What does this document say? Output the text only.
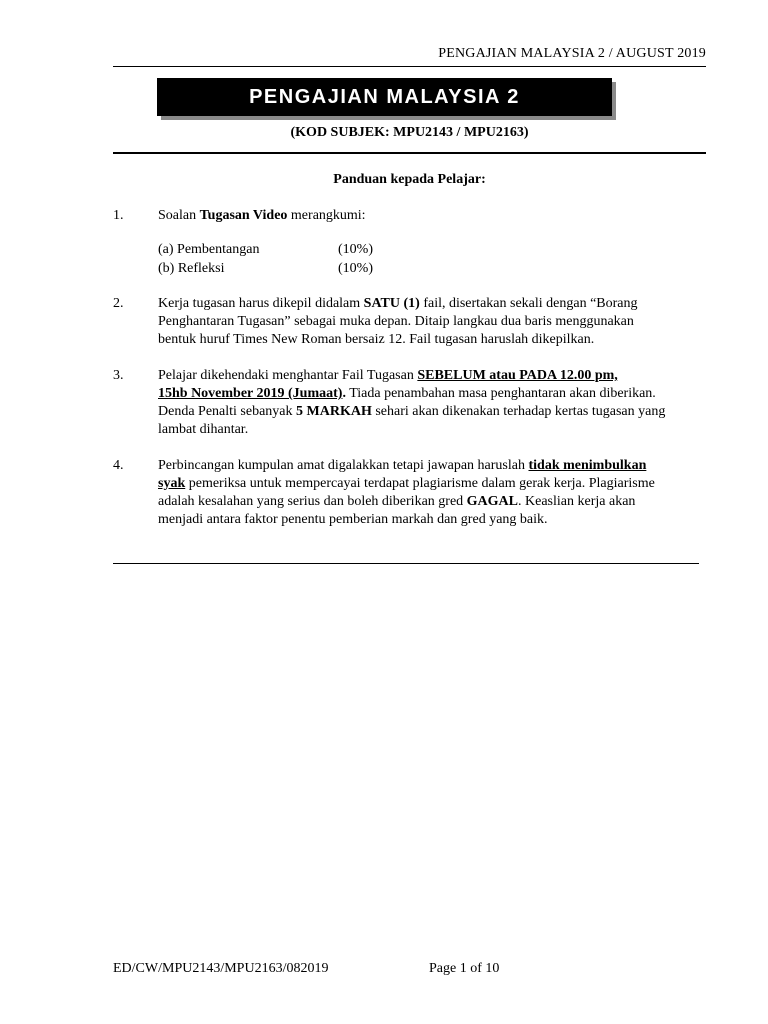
PENGAJIAN MALAYSIA 2 / AUGUST 2019
PENGAJIAN MALAYSIA 2
(KOD SUBJEK: MPU2143 / MPU2163)
Panduan kepada Pelajar:
1.	Soalan Tugasan Video merangkumi:
(a) Pembentangan	(10%)
(b) Refleksi	(10%)
2.	Kerja tugasan harus dikepil didalam SATU (1) fail, disertakan sekali dengan “Borang
Penghantaran Tugasan” sebagai muka depan. Ditaip langkau dua baris menggunakan
bentuk huruf Times New Roman bersaiz 12. Fail tugasan haruslah dikepilkan.
3.	Pelajar dikehendaki menghantar Fail Tugasan SEBELUM atau PADA 12.00 pm,
15hb November 2019 (Jumaat). Tiada penambahan masa penghantaran akan diberikan.
Denda Penalti sebanyak 5 MARKAH sehari akan dikenakan terhadap kertas tugasan yang
lambat dihantar.
4.	Perbincangan kumpulan amat digalakkan tetapi jawapan haruslah tidak menimbulkan
syak pemeriksa untuk mempercayai terdapat plagiarisme dalam gerak kerja. Plagiarisme
adalah kesalahan yang serius dan boleh diberikan gred GAGAL. Keaslian kerja akan
menjadi antara faktor penentu pemberian markah dan gred yang baik.
ED/CW/MPU2143/MPU2163/082019	Page 1 of 10
